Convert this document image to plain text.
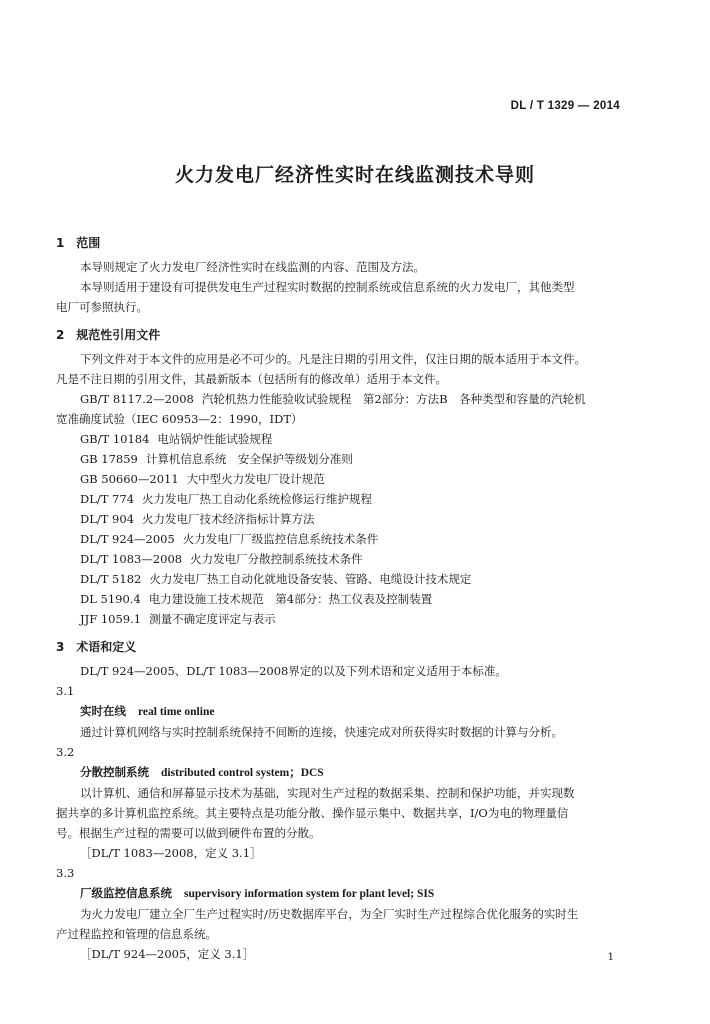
DL / T 1329 — 2014
火力发电厂经济性实时在线监测技术导则
1 范围

本导则规定了火力发电厂经济性实时在线监测的内容、范围及方法。

本导则适用于建设有可提供发电生产过程实时数据的控制系统或信息系统的火力发电厂，其他类型

电厂可参照执行。

2 规范性引用文件

下列文件对于本文件的应用是必不可少的。凡是注日期的引用文件，仅注日期的版本适用于本文件。

凡是不注日期的引用文件，其最新版本（包括所有的修改单）适用于本文件。

GB/T 8117.2—2008 汽轮机热力性能验收试验规程　第2部分：方法B　各种类型和容量的汽轮机
宽准确度试验（IEC 60953—2：1990，IDT）
GB/T 10184 电站锅炉性能试验规程
GB 17859 计算机信息系统　安全保护等级划分准则
GB 50660—2011 大中型火力发电厂设计规范
DL/T 774 火力发电厂热工自动化系统检修运行维护规程
DL/T 904 火力发电厂技术经济指标计算方法
DL/T 924—2005 火力发电厂厂级监控信息系统技术条件
DL/T 1083—2008 火力发电厂分散控制系统技术条件
DL/T 5182 火力发电厂热工自动化就地设备安装、管路、电缆设计技术规定
DL 5190.4 电力建设施工技术规范　第4部分：热工仪表及控制装置
JJF 1059.1 测量不确定度评定与表示
3 术语和定义

DL/T 924—2005、DL/T 1083—2008界定的以及下列术语和定义适用于本标准。

3.1
实时在线 real time online

通过计算机网络与实时控制系统保持不间断的连接，快速完成对所获得实时数据的计算与分析。

3.2
分散控制系统 distributed control system；DCS

以计算机、通信和屏幕显示技术为基础，实现对生产过程的数据采集、控制和保护功能，并实现数

据共享的多计算机监控系统。其主要特点是功能分散、操作显示集中、数据共享，I/O为电的物理量信

号。根据生产过程的需要可以做到硬件布置的分散。

［DL/T 1083—2008，定义 3.1］
3.3
厂级监控信息系统 supervisory information system for plant level; SIS

为火力发电厂建立全厂生产过程实时/历史数据库平台，为全厂实时生产过程综合优化服务的实时生

产过程监控和管理的信息系统。

［DL/T 924—2005，定义 3.1］	1
